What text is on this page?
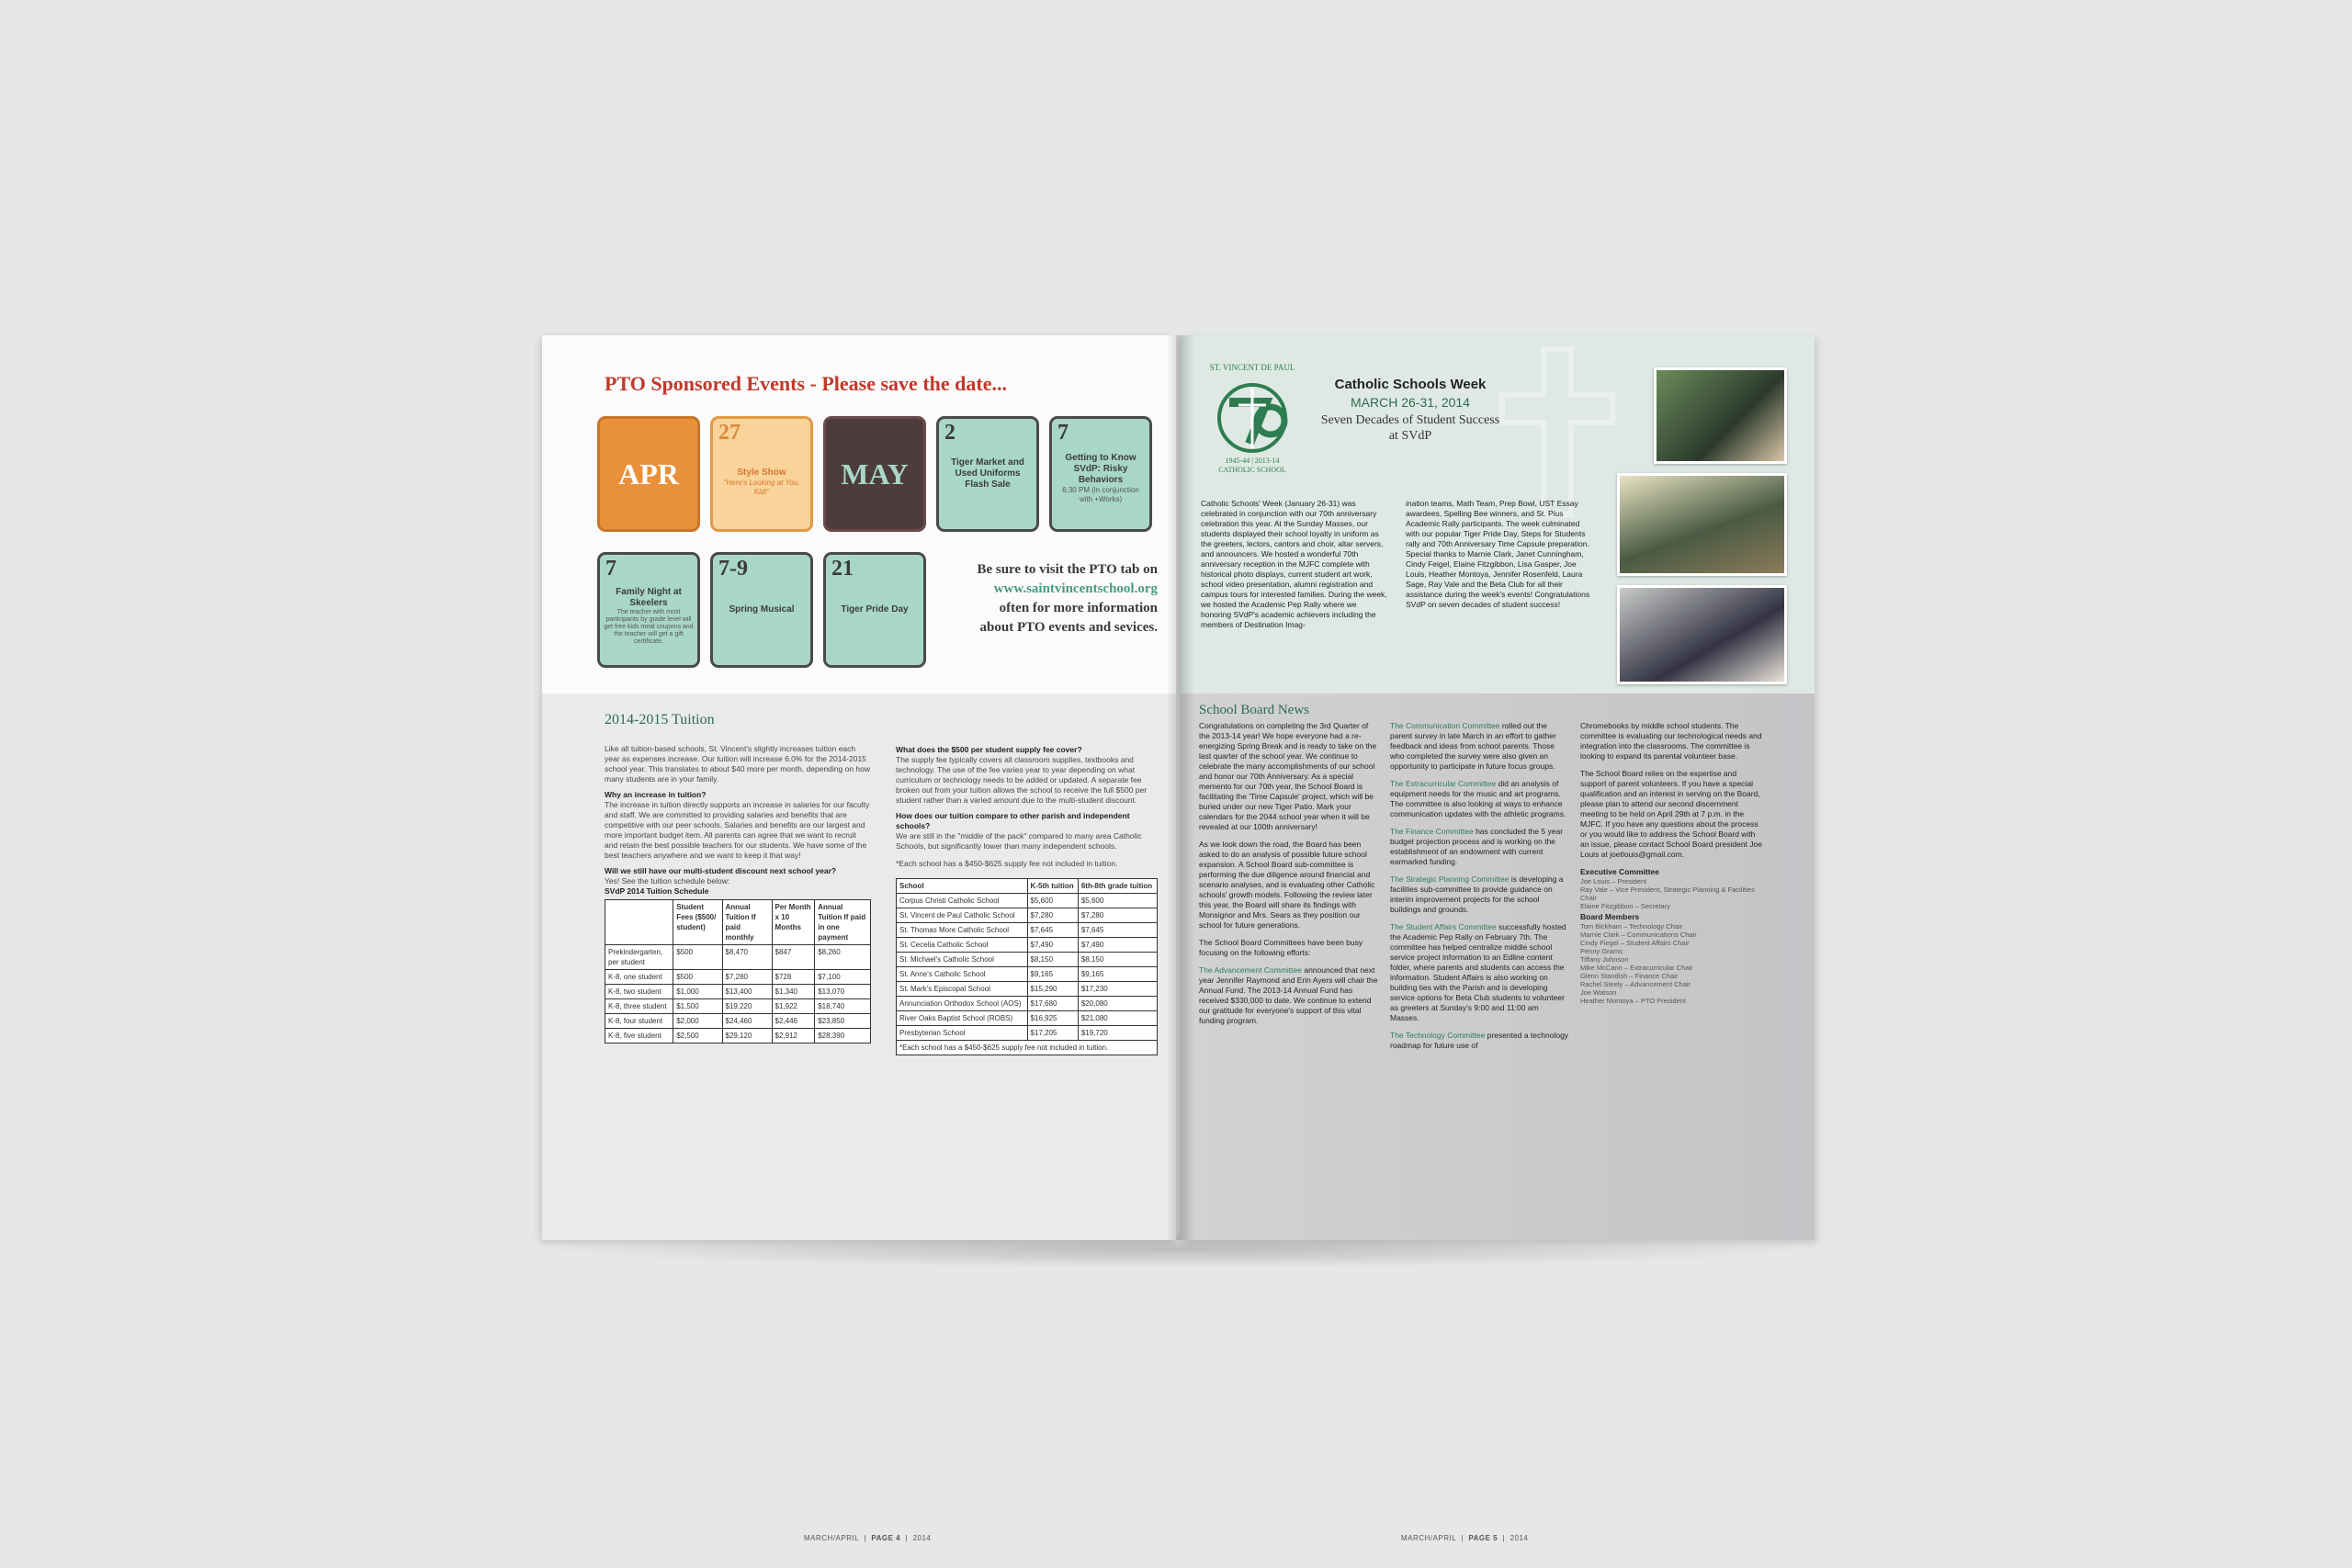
PTO Sponsored Events - Please save the date...
APR
27
Style Show
"Here's Looking at You, Kid!"
MAY
2
Tiger Market and Used Uniforms Flash Sale
7
Getting to Know SVdP: Risky Behaviors
6:30 PM (in conjunction with +Works)
7
Family Night at Skeelers
The teacher with most participants by grade level will get free kids meal coupons and the teacher will get a gift certificate.
7-9
Spring Musical
21
Tiger Pride Day
Be sure to visit the PTO tab on
www.saintvincentschool.org
often for more information
about PTO events and sevices.
2014-2015 Tuition
Like all tuition-based schools, St. Vincent's slightly increases tuition each year as expenses increase. Our tuition will increase 6.0% for the 2014-2015 school year. This translates to about $40 more per month, depending on how many students are in your family.
Why an increase in tuition?
The increase in tuition directly supports an increase in salaries for our faculty and staff. We are committed to providing salaries and benefits that are competitive with our peer schools. Salaries and benefits are our largest and more important budget item. All parents can agree that we want to recruit and retain the best possible teachers for our students. We have some of the best teachers anywhere and we want to keep it that way!
Will we still have our multi-student discount next school year?
Yes! See the tuition schedule below:
SVdP 2014 Tuition Schedule
	Student Fees ($500/ student)	Annual Tuition If paid monthly	Per Month x 10 Months	Annual Tuition If paid in one payment
Prekindergarten, per student	$500	$8,470	$847	$8,260
K-8, one student	$500	$7,280	$728	$7,100
K-8, two student	$1,000	$13,400	$1,340	$13,070
K-8, three student	$1,500	$19,220	$1,922	$18,740
K-8, four student	$2,000	$24,460	$2,446	$23,850
K-8, five student	$2,500	$29,120	$2,912	$28,390
What does the $500 per student supply fee cover?
The supply fee typically covers all classroom supplies, textbooks and technology. The use of the fee varies year to year depending on what curriculum or technology needs to be added or updated. A separate fee broken out from your tuition allows the school to receive the full $500 per student rather than a varied amount due to the multi-student discount.
How does our tuition compare to other parish and independent schools?
We are still in the "middle of the pack" compared to many area Catholic Schools, but significantly lower than many independent schools.
*Each school has a $450-$625 supply fee not included in tuition.
School	K-5th tuition	6th-8th grade tuition
Corpus Christi Catholic School	$5,600	$5,600
St. Vincent de Paul Catholic School	$7,280	$7,280
St. Thomas More Catholic School	$7,645	$7,645
St. Cecelia Catholic School	$7,490	$7,490
St. Michael's Catholic School	$8,150	$8,150
St. Anne's Catholic School	$9,165	$9,165
St. Mark's Episcopal School	$15,290	$17,230
Annunciation Orthodox School (AOS)	$17,680	$20,080
River Oaks Baptist School (ROBS)	$16,925	$21,080
Presbyterian School	$17,205	$19,720
*Each school has a $450-$625 supply fee not included in tuition.		
MARCH/APRIL  |  PAGE 4  |  2014
ST. VINCENT DE PAUL
1945-44 | 2013-14
CATHOLIC SCHOOL
Catholic Schools Week
MARCH 26-31, 2014
Seven Decades of Student Success at SVdP
Catholic Schools' Week (January 26-31) was celebrated in conjunction with our 70th anniversary celebration this year. At the Sunday Masses, our students displayed their school loyalty in uniform as the greeters, lectors, cantors and choir, altar servers, and announcers. We hosted a wonderful 70th anniversary reception in the MJFC complete with historical photo displays, current student art work, school video presentation, alumni registration and campus tours for interested families. During the week, we hosted the Academic Pep Rally where we honoring SVdP's academic achievers including the members of Destination Imag-
ination teams, Math Team, Prep Bowl, UST Essay awardees, Spelling Bee winners, and St. Pius Academic Rally participants. The week culminated with our popular Tiger Pride Day, Steps for Students rally and 70th Anniversary Time Capsule preparation. Special thanks to Marnie Clark, Janet Cunningham, Cindy Feigel, Elaine Fitzgibbon, Lisa Gasper, Joe Louis, Heather Montoya, Jennifer Rosenfeld, Laura Sage, Ray Vale and the Beta Club for all their assistance during the week's events! Congratulations SVdP on seven decades of student success!
School Board News
Congratulations on completing the 3rd Quarter of the 2013-14 year! We hope everyone had a re-energizing Spring Break and is ready to take on the last quarter of the school year. We continue to celebrate the many accomplishments of our school and honor our 70th Anniversary. As a special memento for our 70th year, the School Board is facilitating the 'Time Capsule' project, which will be buried under our new Tiger Patio. Mark your calendars for the 2044 school year when it will be revealed at our 100th anniversary!
As we look down the road, the Board has been asked to do an analysis of possible future school expansion. A School Board sub-committee is performing the due diligence around financial and scenario analyses, and is evaluating other Catholic schools' growth models. Following the review later this year, the Board will share its findings with Monsignor and Mrs. Sears as they position our school for future generations.
The School Board Committees have been busy focusing on the following efforts:
The Advancement Committee announced that next year Jennifer Raymond and Erin Ayers will chair the Annual Fund. The 2013-14 Annual Fund has received $330,000 to date. We continue to extend our gratitude for everyone's support of this vital funding program.
The Communication Committee rolled out the parent survey in late March in an effort to gather feedback and ideas from school parents. Those who completed the survey were also given an opportunity to participate in future focus groups.
The Extracurricular Committee did an analysis of equipment needs for the music and art programs. The committee is also looking at ways to enhance communication updates with the athletic programs.
The Finance Committee has concluded the 5 year budget projection process and is working on the establishment of an endowment with current earmarked funding.
The Strategic Planning Committee is developing a facilities sub-committee to provide guidance on interim improvement projects for the school buildings and grounds.
The Student Affairs Committee successfully hosted the Academic Pep Rally on February 7th. The committee has helped centralize middle school service project information to an Edline content folder, where parents and students can access the information. Student Affairs is also working on building ties with the Parish and is developing service options for Beta Club students to volunteer as greeters at Sunday's 9:00 and 11:00 am Masses.
The Technology Committee presented a technology roadmap for future use of
Chromebooks by middle school students. The committee is evaluating our technological needs and integration into the classrooms. The committee is looking to expand its parental volunteer base.
The School Board relies on the expertise and support of parent volunteers. If you have a special qualification and an interest in serving on the Board, please plan to attend our second discernment meeting to be held on April 29th at 7 p.m. in the MJFC. If you have any questions about the process or you would like to address the School Board with an issue, please contact School Board president Joe Louis at joetlouis@gmail.com.
Executive Committee
Joe Louis – President
Ray Vale – Vice President, Strategic Planning & Facilities Chair
Elaine Fitzgibbon – Secretary
Board Members
Tom Bickham – Technology Chair
Marnie Clark – Communications Chair
Cindy Fiegel – Student Affairs Chair
Penny Grams
Tiffany Johnson
Mike McCann – Extracurricular Chair
Glenn Standish – Finance Chair
Rachel Steely – Advancement Chair
Joe Watson
Heather Montoya – PTO President
MARCH/APRIL  |  PAGE 5  |  2014
